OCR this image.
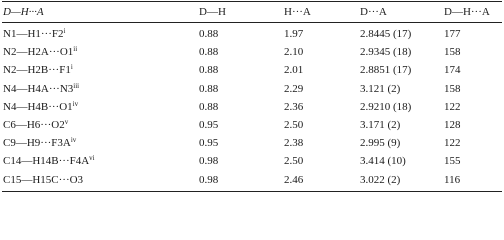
D—H···A	D—H	H···A	D···A	D—H···A
$N1—H1\cdot\cdot\cdot F2^i$	0.88	1.97	2.8445 (17)	177
$N2—H2A\cdot\cdot\cdot O1^{ii}$	0.88	2.10	2.9345 (18)	158
$N2—H2B\cdot\cdot\cdot F1^i$	0.88	2.01	2.8851 (17)	174
$N4—H4A\cdot\cdot\cdot N3^{iii}$	0.88	2.29	3.121 (2)	158
$N4—H4B\cdot\cdot\cdot O1^{iv}$	0.88	2.36	2.9210 (18)	122
$C6—H6\cdot\cdot\cdot O2^v$	0.95	2.50	3.171 (2)	128
$C9—H9\cdot\cdot\cdot F3A^{iv}$	0.95	2.38	2.995 (9)	122
$C14—H14B\cdot\cdot\cdot F4A^{vi}$	0.98	2.50	3.414 (10)	155
C15—H15C···O3	0.98	2.46	3.022 (2)	116
